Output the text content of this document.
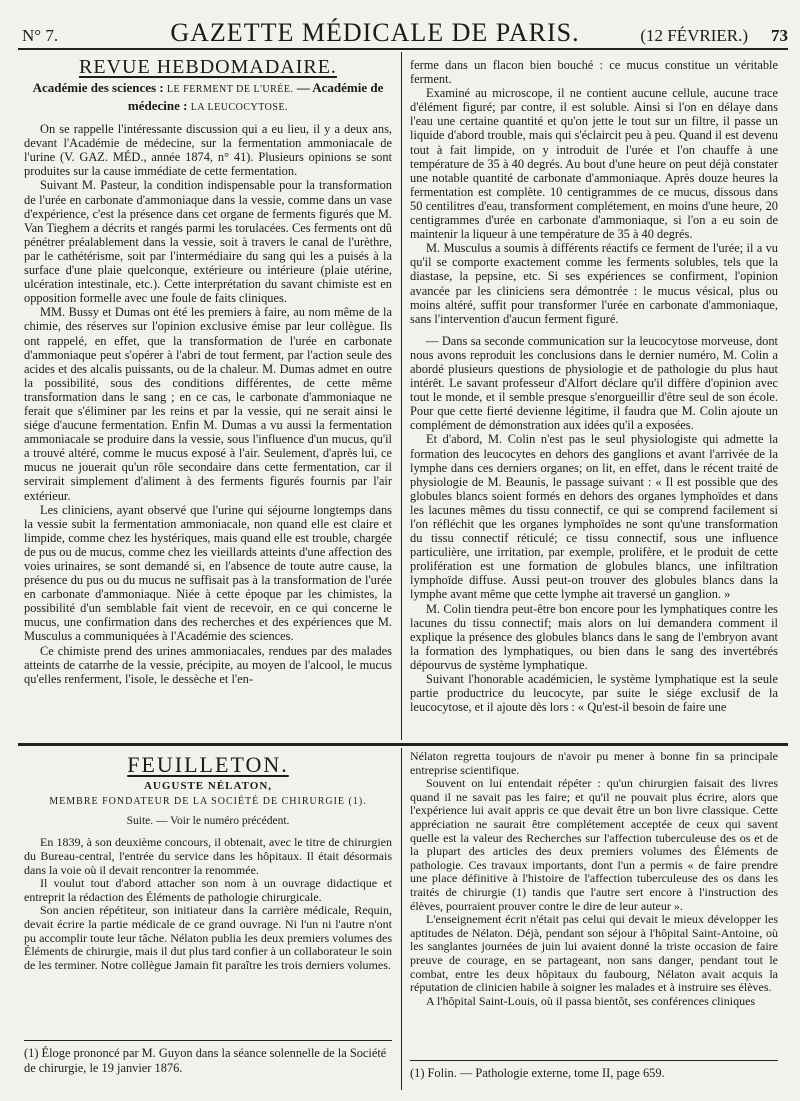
N° 7.	GAZETTE MÉDICALE DE PARIS.	(12 FÉVRIER.)	73
REVUE HEBDOMADAIRE.
Académie des sciences : LE FERMENT DE L'URÉE. — Académie de médecine : LA LEUCOCYTOSE.

On se rappelle l'intéressante discussion qui a eu lieu, il y a deux ans, devant l'Académie de médecine, sur la fermentation ammoniacale de l'urine (V. GAZ. MÉD., année 1874, n° 41). Plusieurs opinions se sont produites sur la cause immédiate de cette fermentation.

Suivant M. Pasteur, la condition indispensable pour la transformation de l'urée en carbonate d'ammoniaque dans la vessie, comme dans un vase d'expérience, c'est la présence dans cet organe de ferments figurés que M. Van Tieghem a décrits et rangés parmi les torulacées. Ces ferments ont dû pénétrer préalablement dans la vessie, soit à travers le canal de l'urèthre, par le cathétérisme, soit par l'intermédiaire du sang qui les a puisés à la surface d'une plaie quelconque, extérieure ou intérieure (plaie utérine, ulcération intestinale, etc.). Cette interprétation du savant chimiste est en opposition formelle avec une foule de faits cliniques.

MM. Bussy et Dumas ont été les premiers à faire, au nom même de la chimie, des réserves sur l'opinion exclusive émise par leur collègue. Ils ont rappelé, en effet, que la transformation de l'urée en carbonate d'ammoniaque peut s'opérer à l'abri de tout ferment, par l'action seule des acides et des alcalis puissants, ou de la chaleur. M. Dumas admet en outre la possibilité, sous des conditions différentes, de cette même transformation dans le sang ; en ce cas, le carbonate d'ammoniaque ne ferait que s'éliminer par les reins et par la vessie, qui ne serait ainsi le siége d'aucune fermentation. Enfin M. Dumas a vu aussi la fermentation ammoniacale se produire dans la vessie, sous l'influence d'un mucus, qu'il a trouvé altéré, comme le mucus exposé à l'air. Seulement, d'après lui, ce mucus ne jouerait qu'un rôle secondaire dans cette fermentation, car il servirait simplement d'aliment à des ferments figurés fournis par l'air extérieur.

Les cliniciens, ayant observé que l'urine qui séjourne longtemps dans la vessie subit la fermentation ammoniacale, non quand elle est claire et limpide, comme chez les hystériques, mais quand elle est trouble, chargée de pus ou de mucus, comme chez les vieillards atteints d'une affection des voies urinaires, se sont demandé si, en l'absence de toute autre cause, la présence du pus ou du mucus ne suffisait pas à la transformation de l'urée en carbonate d'ammoniaque. Niée à cette époque par les chimistes, la possibilité d'un semblable fait vient de recevoir, en ce qui concerne le mucus, une confirmation dans des recherches et des expériences que M. Musculus a communiquées à l'Académie des sciences.

Ce chimiste prend des urines ammoniacales, rendues par des malades atteints de catarrhe de la vessie, précipite, au moyen de l'alcool, le mucus qu'elles renferment, l'isole, le dessèche et l'en-

ferme dans un flacon bien bouché : ce mucus constitue un véritable ferment.

Examiné au microscope, il ne contient aucune cellule, aucune trace d'élément figuré; par contre, il est soluble. Ainsi si l'on en délaye dans l'eau une certaine quantité et qu'on jette le tout sur un filtre, il passe un liquide d'abord trouble, mais qui s'éclaircit peu à peu. Quand il est devenu tout à fait limpide, on y introduit de l'urée et l'on chauffe à une température de 35 à 40 degrés. Au bout d'une heure on peut déjà constater une notable quantité de carbonate d'ammoniaque. Après douze heures la fermentation est complète. 10 centigrammes de ce mucus, dissous dans 50 centilitres d'eau, transforment complétement, en moins d'une heure, 20 centigrammes d'urée en carbonate d'ammoniaque, si l'on a eu soin de maintenir la liqueur à une température de 35 à 40 degrés.

M. Musculus a soumis à différents réactifs ce ferment de l'urée; il a vu qu'il se comporte exactement comme les ferments solubles, tels que la diastase, la pepsine, etc. Si ses expériences se confirment, l'opinion avancée par les cliniciens sera démontrée : le mucus vésical, plus ou moins altéré, suffit pour transformer l'urée en carbonate d'ammoniaque, sans l'intervention d'aucun ferment figuré.

— Dans sa seconde communication sur la leucocytose morveuse, dont nous avons reproduit les conclusions dans le dernier numéro, M. Colin a abordé plusieurs questions de physiologie et de pathologie du plus haut intérêt. Le savant professeur d'Alfort déclare qu'il diffère d'opinion avec tout le monde, et il semble presque s'enorgueillir d'être seul de son école. Pour que cette fierté devienne légitime, il faudra que M. Colin ajoute un complément de démonstration aux idées qu'il a exposées.

Et d'abord, M. Colin n'est pas le seul physiologiste qui admette la formation des leucocytes en dehors des ganglions et avant l'arrivée de la lymphe dans ces derniers organes; on lit, en effet, dans le récent traité de physiologie de M. Beaunis, le passage suivant : « Il est possible que des globules blancs soient formés en dehors des organes lymphoïdes et dans les lacunes mêmes du tissu connectif, ce qui se comprend facilement si l'on réfléchit que les organes lymphoïdes ne sont qu'une transformation du tissu connectif réticulé; ce tissu connectif, sous une influence particulière, une irritation, par exemple, prolifère, et le produit de cette prolifération est une formation de globules blancs, une infiltration lymphoïde diffuse. Aussi peut-on trouver des globules blancs dans la lymphe avant même que cette lymphe ait traversé un ganglion. »

M. Colin tiendra peut-être bon encore pour les lymphatiques contre les lacunes du tissu connectif; mais alors on lui demandera comment il explique la présence des globules blancs dans le sang de l'embryon avant la formation des lymphatiques, ou bien dans le sang des invertébrés dépourvus de système lymphatique.

Suivant l'honorable académicien, le système lymphatique est la seule partie productrice du leucocyte, par suite le siége exclusif de la leucocytose, et il ajoute dès lors : « Qu'est-il besoin de faire une

FEUILLETON.
AUGUSTE NÉLATON,
MEMBRE FONDATEUR DE LA SOCIÉTÉ DE CHIRURGIE (1).
Suite. — Voir le numéro précédent.

En 1839, à son deuxième concours, il obtenait, avec le titre de chirurgien du Bureau-central, l'entrée du service dans les hôpitaux. Il était désormais dans la voie où il devait rencontrer la renommée.

Il voulut tout d'abord attacher son nom à un ouvrage didactique et entreprit la rédaction des Éléments de pathologie chirurgicale.

Son ancien répétiteur, son initiateur dans la carrière médicale, Requin, devait écrire la partie médicale de ce grand ouvrage. Ni l'un ni l'autre n'ont pu accomplir toute leur tâche. Nélaton publia les deux premiers volumes des Éléments de chirurgie, mais il dut plus tard confier à un collaborateur le soin de les terminer. Notre collègue Jamain fit paraître les trois derniers volumes.

Nélaton regretta toujours de n'avoir pu mener à bonne fin sa principale entreprise scientifique.

Souvent on lui entendait répéter : qu'un chirurgien faisait des livres quand il ne savait pas les faire; et qu'il ne pouvait plus écrire, alors que l'expérience lui avait appris ce que devait être un bon livre classique. Cette appréciation ne saurait être complétement acceptée de ceux qui savent quelle est la valeur des Recherches sur l'affection tuberculeuse des os et de la plupart des articles des deux premiers volumes des Éléments de pathologie. Ces travaux importants, dont l'un a permis « de faire prendre une place définitive à l'histoire de l'affection tuberculeuse des os dans les traités de chirurgie (1) tandis que l'autre sert encore à l'instruction des élèves, pourraient prouver contre le dire de leur auteur ».

L'enseignement écrit n'était pas celui qui devait le mieux développer les aptitudes de Nélaton. Déjà, pendant son séjour à l'hôpital Saint-Antoine, où les sanglantes journées de juin lui avaient donné la triste occasion de faire preuve de courage, en se partageant, non sans danger, pendant tout le combat, entre les deux hôpitaux du faubourg, Nélaton avait acquis la réputation de clinicien habile à soigner les malades et à instruire ses élèves.

A l'hôpital Saint-Louis, où il passa bientôt, ses conférences cliniques

(1) Éloge prononcé par M. Guyon dans la séance solennelle de la Société de chirurgie, le 19 janvier 1876.	(1) Folin. — Pathologie externe, tome II, page 659.
